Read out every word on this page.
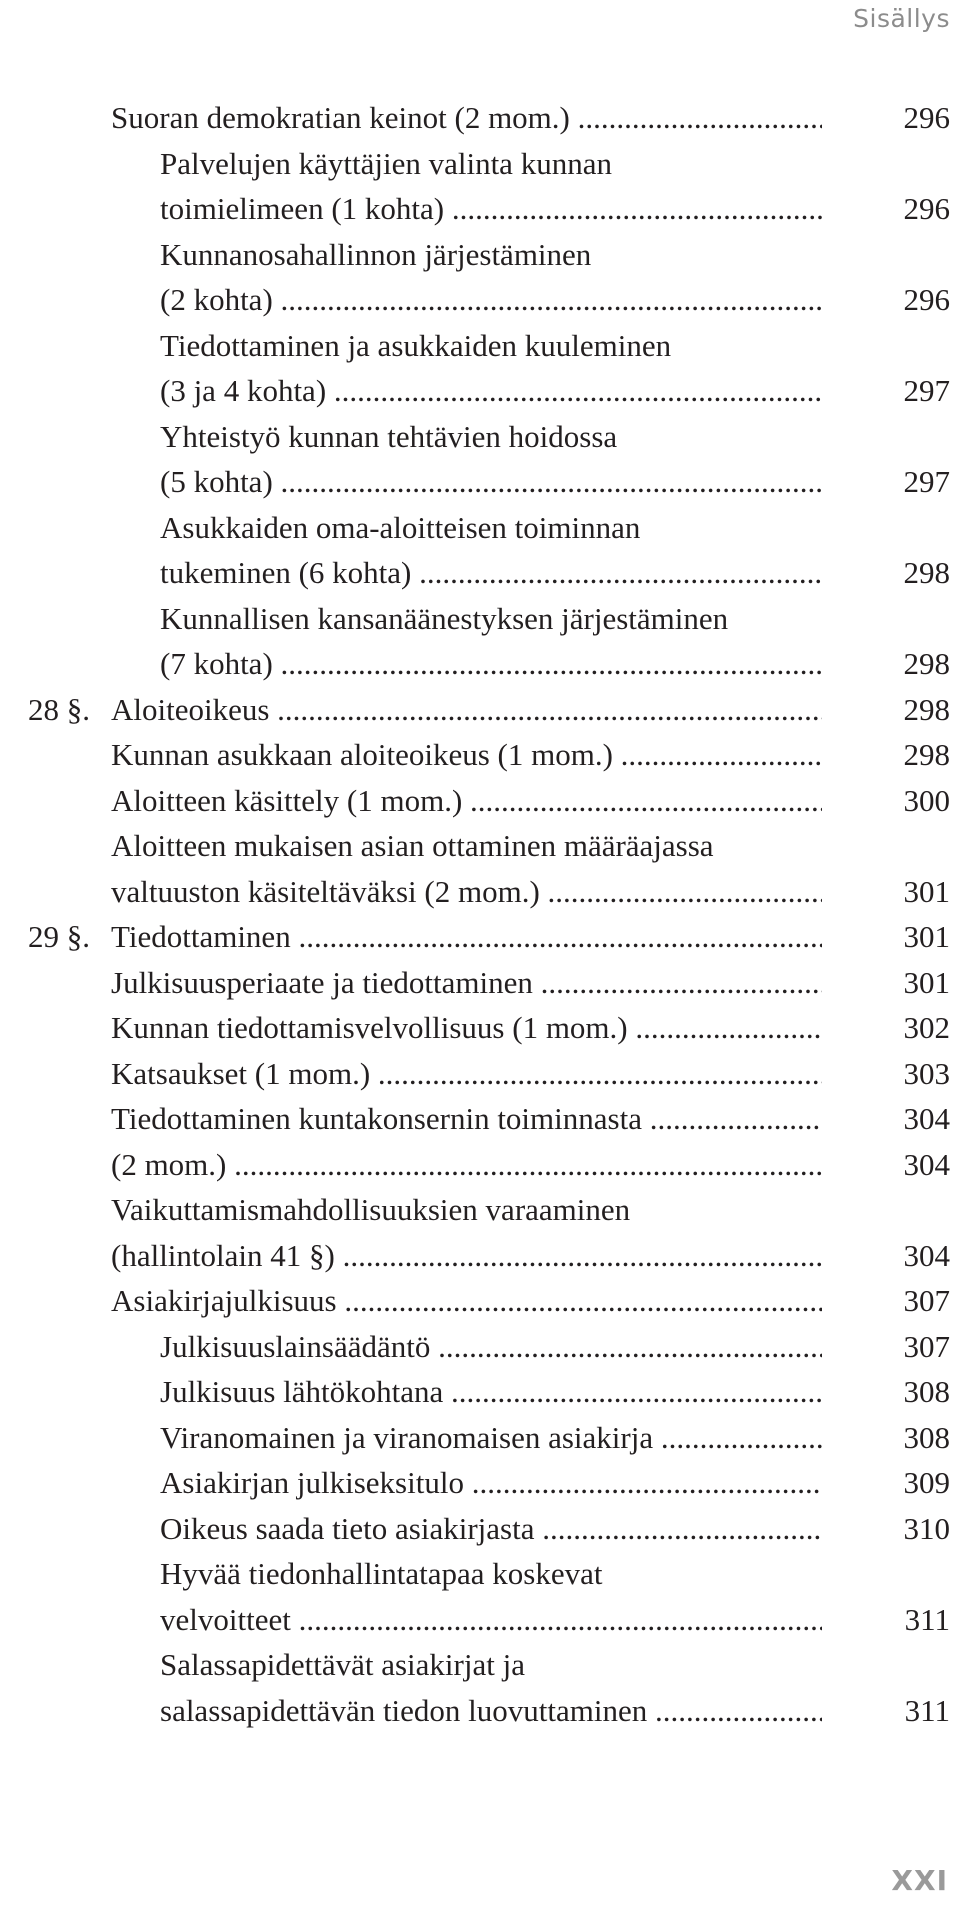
Sisällys
Suoran demokratian keinot (2 mom.) .....	296
Palvelujen käyttäjien valinta kunnan
toimielimeen (1 kohta) .....	296
Kunnanosahallinnon järjestäminen
(2 kohta) .....	296
Tiedottaminen ja asukkaiden kuuleminen
(3 ja 4 kohta) .....	297
Yhteistyö kunnan tehtävien hoidossa
(5 kohta) .....	297
Asukkaiden oma-aloitteisen toiminnan
tukeminen (6 kohta) .....	298
Kunnallisen kansanäänestyksen järjestäminen
(7 kohta) .....	298
28 §. Aloiteoikeus .....	298
Kunnan asukkaan aloiteoikeus (1 mom.) .....	298
Aloitteen käsittely (1 mom.) .....	300
Aloitteen mukaisen asian ottaminen määräajassa
valtuuston käsiteltäväksi (2 mom.) .....	301
29 §. Tiedottaminen .....	301
Julkisuusperiaate ja tiedottaminen .....	301
Kunnan tiedottamisvelvollisuus (1 mom.) .....	302
Katsaukset (1 mom.) .....	303
Tiedottaminen kuntakonsernin toiminnasta .....	304
(2 mom.) .....	304
Vaikuttamismahdollisuuksien varaaminen
(hallintolain 41 §) .....	304
Asiakirjajulkisuus .....	307
Julkisuuslainsäädäntö .....	307
Julkisuus lähtökohtana .....	308
Viranomainen ja viranomaisen asiakirja .....	308
Asiakirjan julkiseksitulo .....	309
Oikeus saada tieto asiakirjasta .....	310
Hyvää tiedonhallintatapaa koskevat
velvoitteet .....	311
Salassapidettävät asiakirjat ja
salassapidettävän tiedon luovuttaminen .....	311
XXI
